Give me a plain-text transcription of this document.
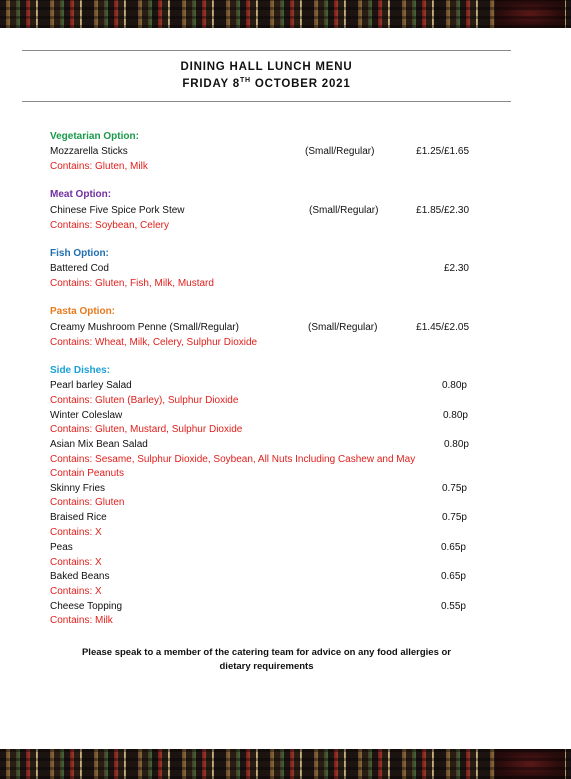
DINING HALL LUNCH MENU
FRIDAY 8TH OCTOBER 2021
Vegetarian Option:
Mozzarella Sticks	(Small/Regular)	£1.25/£1.65
Contains: Gluten, Milk
Meat Option:
Chinese Five Spice Pork Stew	(Small/Regular)	£1.85/£2.30
Contains: Soybean, Celery
Fish Option:
Battered Cod	£2.30
Contains: Gluten, Fish, Milk, Mustard
Pasta Option:
Creamy Mushroom Penne (Small/Regular)	(Small/Regular)	£1.45/£2.05
Contains: Wheat, Milk, Celery, Sulphur Dioxide
Side Dishes:
Pearl barley Salad	0.80p
Contains: Gluten (Barley), Sulphur Dioxide
Winter Coleslaw	0.80p
Contains: Gluten, Mustard, Sulphur Dioxide
Asian Mix Bean Salad	0.80p
Contains: Sesame, Sulphur Dioxide, Soybean, All Nuts Including Cashew and May
Contain Peanuts
Skinny Fries	0.75p
Contains: Gluten
Braised Rice	0.75p
Contains: X
Peas	0.65p
Contains: X
Baked Beans	0.65p
Contains: X
Cheese Topping	0.55p
Contains: Milk
Please speak to a member of the catering team for advice on any food allergies or
dietary requirements
